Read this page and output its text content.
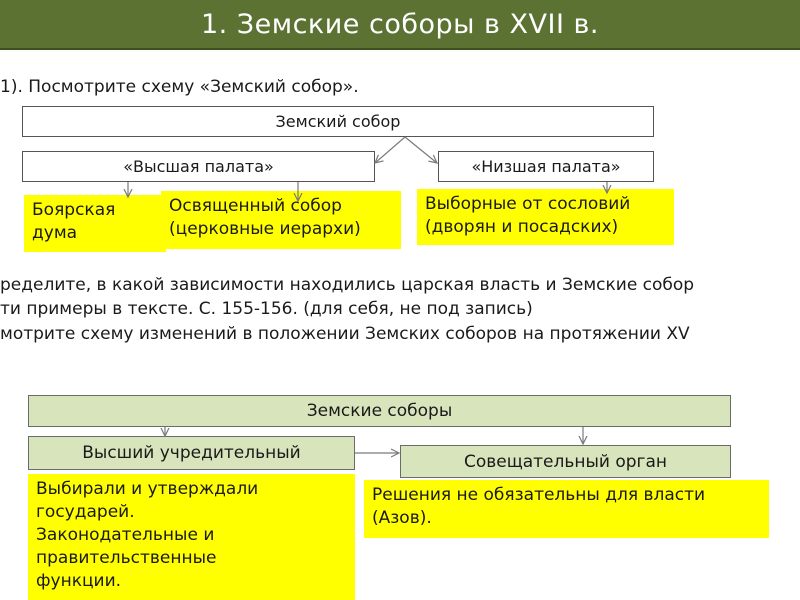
1. Земские соборы в XVII в.
1). Посмотрите схему «Земский собор».
Земский собор
«Высшая палата»	«Низшая палата»
Боярская
дума
Освященный собор
(церковные иерархи)
Выборные от сословий
(дворян и посадских)
ределите, в какой зависимости находились царская власть и Земские собор
ти примеры в тексте. С. 155-156. (для себя, не под запись)
мотрите схему изменений в положении Земских соборов на протяжении XV
Земские соборы
Высший учредительный	Совещательный орган
Выбирали и утверждали
государей.
Законодательные и
правительственные
функции.
Решения не обязательны для власти
(Азов).
